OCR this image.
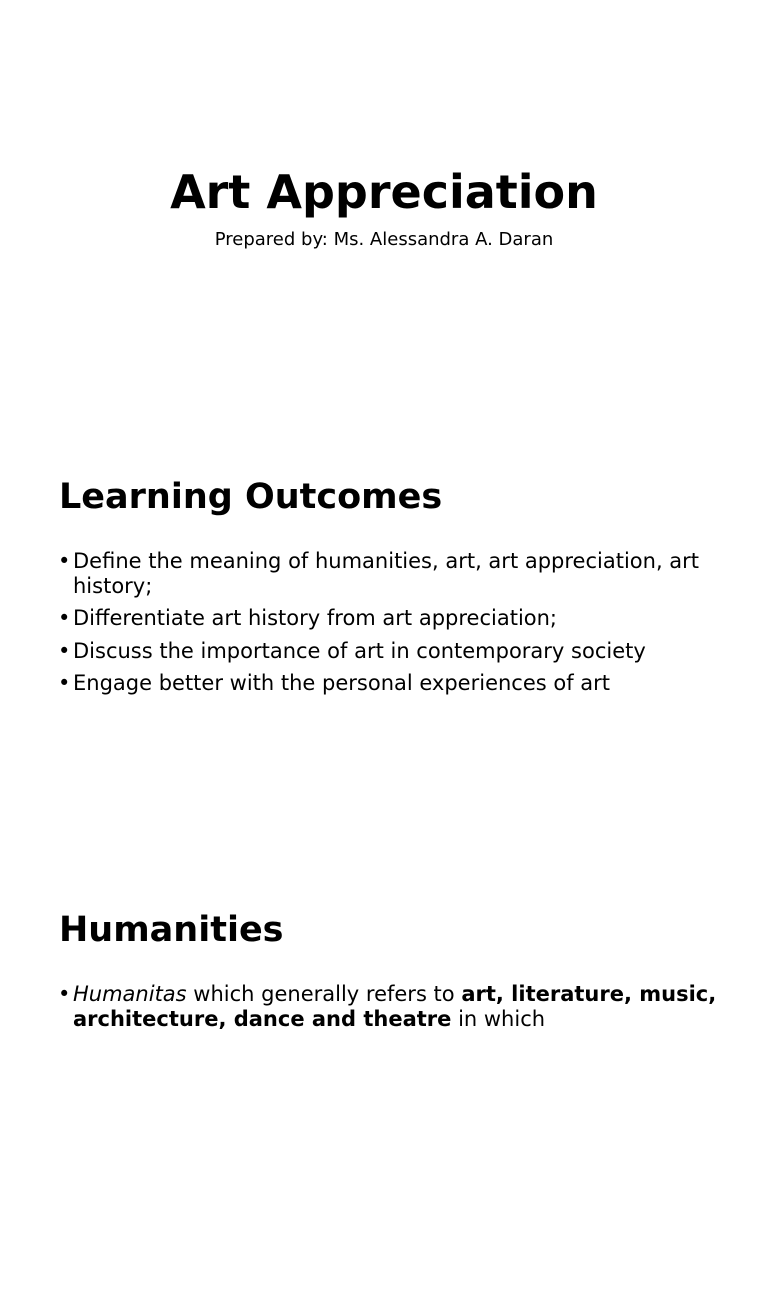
Art Appreciation

Prepared by: Ms. Alessandra A. Daran

Learning Outcomes
• Define the meaning of humanities, art, art appreciation, art history;
• Differentiate art history from art appreciation;
• Discuss the importance of art in contemporary society
• Engage better with the personal experiences of art
Humanities
• Humanitas which generally refers to art, literature, music, architecture, dance and theatre in which
